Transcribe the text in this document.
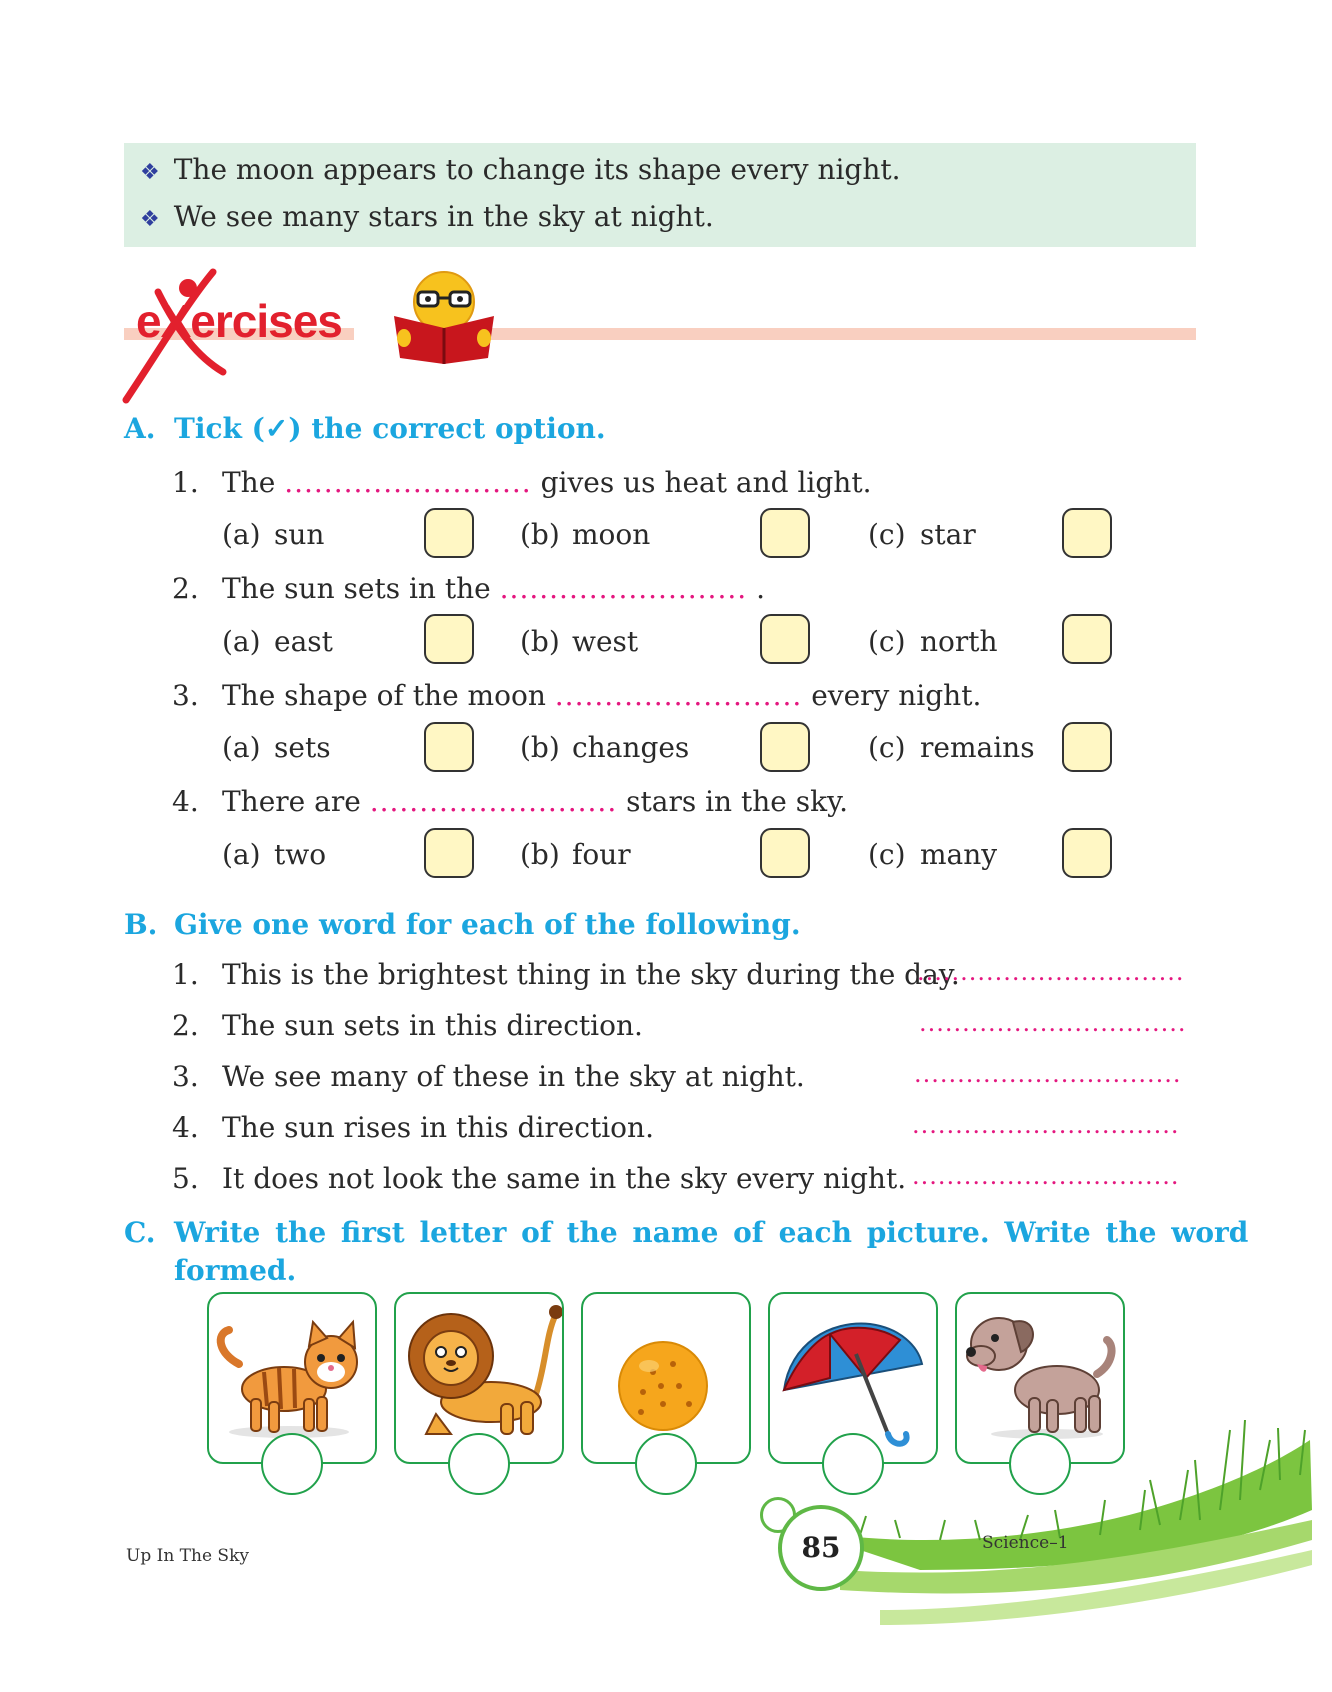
❖ The moon appears to change its shape every night.
❖ We see many stars in the sky at night.
eXercises
A. Tick (✓) the correct option.
1. The ......................... gives us heat and light.
(a) sun	(b) moon	(c) star
2. The sun sets in the ......................... .
(a) east	(b) west	(c) north
3. The shape of the moon ......................... every night.
(a) sets	(b) changes	(c) remains
4. There are ......................... stars in the sky.
(a) two	(b) four	(c) many
B. Give one word for each of the following.
1. This is the brightest thing in the sky during the day.
2. The sun sets in this direction.
3. We see many of these in the sky at night.
4. The sun rises in this direction.
5. It does not look the same in the sky every night.
...............................
...............................
...............................
...............................
...............................
C. Write the first letter of the name of each picture. Write the word
formed.
Up In The Sky	85	Science–1
